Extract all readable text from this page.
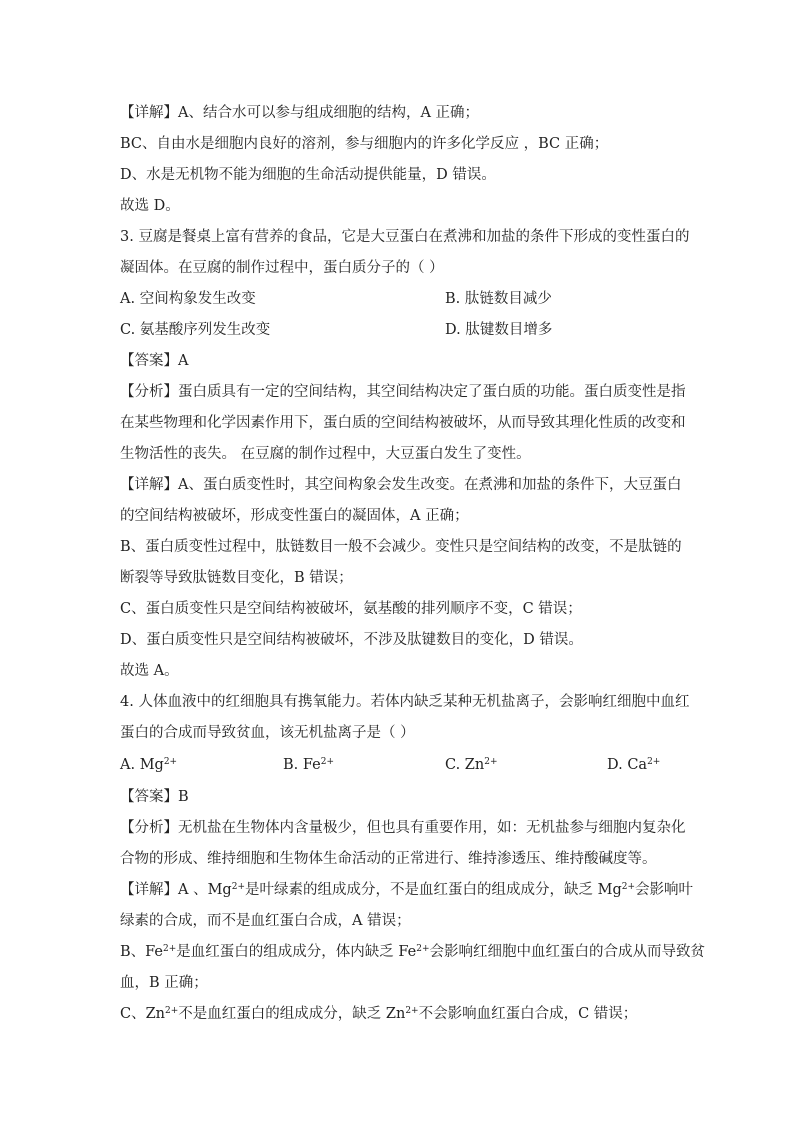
【详解】A、结合水可以参与组成细胞的结构，A 正确；
BC、自由水是细胞内良好的溶剂，参与细胞内的许多化学反应 ，BC 正确；
D、水是无机物不能为细胞的生命活动提供能量，D 错误。
故选 D。
3. 豆腐是餐桌上富有营养的食品，它是大豆蛋白在煮沸和加盐的条件下形成的变性蛋白的
凝固体。在豆腐的制作过程中，蛋白质分子的（ ）
A. 空间构象发生改变	B. 肽链数目减少
C. 氨基酸序列发生改变	D. 肽键数目增多
【答案】A
【分析】蛋白质具有一定的空间结构，其空间结构决定了蛋白质的功能。蛋白质变性是指
在某些物理和化学因素作用下，蛋白质的空间结构被破坏，从而导致其理化性质的改变和
生物活性的丧失。 在豆腐的制作过程中，大豆蛋白发生了变性。
【详解】A、蛋白质变性时，其空间构象会发生改变。在煮沸和加盐的条件下，大豆蛋白
的空间结构被破坏，形成变性蛋白的凝固体，A 正确；
B、蛋白质变性过程中，肽链数目一般不会减少。变性只是空间结构的改变，不是肽链的
断裂等导致肽链数目变化，B 错误；
C、蛋白质变性只是空间结构被破坏，氨基酸的排列顺序不变，C 错误；
D、蛋白质变性只是空间结构被破坏，不涉及肽键数目的变化，D 错误。
故选 A。
4. 人体血液中的红细胞具有携氧能力。若体内缺乏某种无机盐离子，会影响红细胞中血红
蛋白的合成而导致贫血，该无机盐离子是（ ）
A. $Mg^{2+}$	B. $Fe^{2+}$	C. $Zn^{2+}$	D. $Ca^{2+}$
【答案】B
【分析】无机盐在生物体内含量极少，但也具有重要作用，如：无机盐参与细胞内复杂化
合物的形成、维持细胞和生物体生命活动的正常进行、维持渗透压、维持酸碱度等。
【详解】A 、$Mg^{2+}$是叶绿素的组成成分，不是血红蛋白的组成成分，缺乏 $Mg^{2+}$会影响叶
绿素的合成，而不是血红蛋白合成，A 错误；
B、$Fe^{2+}$是血红蛋白的组成成分，体内缺乏 $Fe^{2+}$会影响红细胞中血红蛋白的合成从而导致贫
血，B 正确；
C、$Zn^{2+}$不是血红蛋白的组成成分，缺乏 $Zn^{2+}$不会影响血红蛋白合成，C 错误；
